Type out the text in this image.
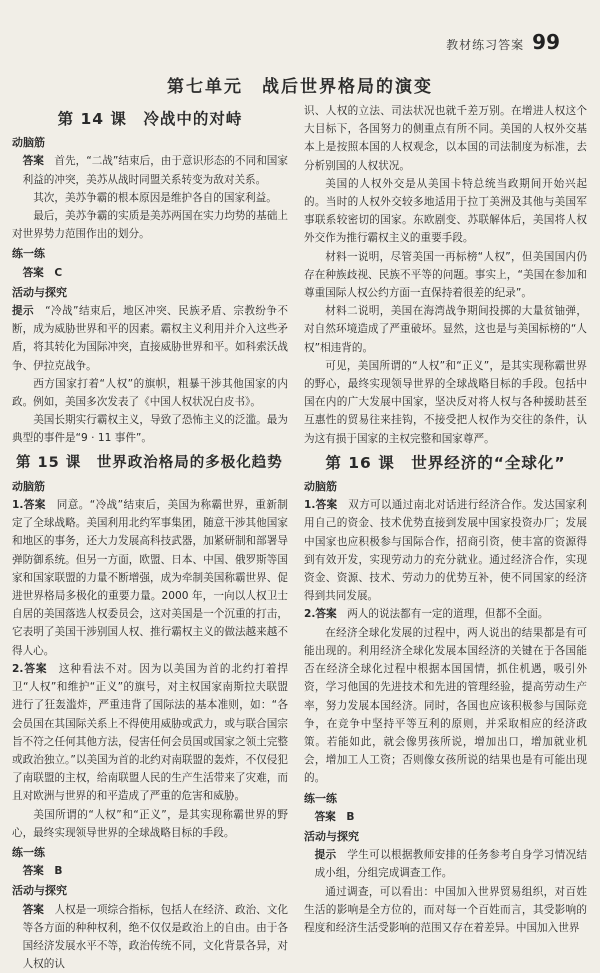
教材练习答案 99
第七单元　战后世界格局的演变
第 14 课　冷战中的对峙
动脑筋

答案　 首先，“二战”结束后，由于意识形态的不同和国家利益的冲突，美苏从战时同盟关系转变为敌对关系。

其次，美苏争霸的根本原因是维护各自的国家利益。

最后，美苏争霸的实质是美苏两国在实力均势的基础上对世界势力范围作出的划分。

练一练

答案　 C

活动与探究

提示　 “冷战”结束后，地区冲突、民族矛盾、宗教纷争不断，成为威胁世界和平的因素。霸权主义利用并介入这些矛盾，将其转化为国际冲突，直接威胁世界和平。如科索沃战争、伊拉克战争。

西方国家打着“人权”的旗帜，粗暴干涉其他国家的内政。例如，美国多次发表了《中国人权状况白皮书》。

美国长期实行霸权主义，导致了恐怖主义的泛滥。最为典型的事件是“9 · 11 事件”。

第 15 课　世界政治格局的多极化趋势
动脑筋

1.答案　 同意。“冷战”结束后，美国为称霸世界，重新制定了全球战略。美国利用北约军事集团，随意干涉其他国家和地区的事务，还大力发展高科技武器，加紧研制和部署导弹防御系统。但另一方面，欧盟、日本、中国、俄罗斯等国家和国家联盟的力量不断增强，成为牵制美国称霸世界、促进世界格局多极化的重要力量。2000 年，一向以人权卫士自居的美国落选人权委员会，这对美国是一个沉重的打击，它表明了美国干涉别国人权、推行霸权主义的做法越来越不得人心。

2.答案　 这种看法不对。因为以美国为首的北约打着捍卫“人权”和维护“正义”的旗号，对主权国家南斯拉夫联盟进行了狂轰滥炸，严重违背了国际法的基本准则，如：“各会员国在其国际关系上不得使用威胁或武力，或与联合国宗旨不符之任何其他方法，侵害任何会员国或国家之领土完整或政治独立。”以美国为首的北约对南联盟的轰炸，不仅侵犯了南联盟的主权，给南联盟人民的生产生活带来了灾难，而且对欧洲与世界的和平造成了严重的危害和威胁。

美国所谓的“人权”和“正义”，是其实现称霸世界的野心，最终实现领导世界的全球战略目标的手段。

练一练

答案　 B

活动与探究

答案　 人权是一项综合指标，包括人在经济、政治、文化等各方面的种种权利，绝不仅仅是政治上的自由。由于各国经济发展水平不等，政治传统不同，文化背景各异，对人权的认

识、人权的立法、司法状况也就千差万别。在增进人权这个大目标下，各国努力的侧重点有所不同。美国的人权外交基本上是按照本国的人权观念，以本国的司法制度为标准，去分析别国的人权状况。

美国的人权外交是从美国卡特总统当政期间开始兴起的。当时的人权外交较多地适用于拉丁美洲及其他与美国军事联系较密切的国家。东欧剧变、苏联解体后，美国将人权外交作为推行霸权主义的重要手段。

材料一说明，尽管美国一再标榜“人权”，但美国国内仍存在种族歧视、民族不平等的问题。事实上，“美国在参加和尊重国际人权公约方面一直保持着很差的纪录”。

材料二说明，美国在海湾战争期间投掷的大量贫铀弹，对自然环境造成了严重破坏。显然，这也是与美国标榜的“人权”相违背的。

可见，美国所谓的“人权”和“正义”，是其实现称霸世界的野心，最终实现领导世界的全球战略目标的手段。包括中国在内的广大发展中国家，坚决反对将人权与各种援助甚至互惠性的贸易往来挂钩，不接受把人权作为交往的条件，认为这有损于国家的主权完整和国家尊严。

第 16 课　世界经济的“全球化”
动脑筋

1.答案　 双方可以通过南北对话进行经济合作。发达国家利用自己的资金、技术优势直接到发展中国家投资办厂；发展中国家也应积极参与国际合作，招商引资，使丰富的资源得到有效开发，实现劳动力的充分就业。通过经济合作，实现资金、资源、技术、劳动力的优势互补，使不同国家的经济得到共同发展。

2.答案　 两人的说法都有一定的道理，但都不全面。

在经济全球化发展的过程中，两人说出的结果都是有可能出现的。利用经济全球化发展本国经济的关键在于各国能否在经济全球化过程中根据本国国情，抓住机遇，吸引外资，学习他国的先进技术和先进的管理经验，提高劳动生产率，努力发展本国经济。同时，各国也应该积极参与国际竞争，在竞争中坚持平等互利的原则，并采取相应的经济政策。若能如此，就会像男孩所说，增加出口，增加就业机会，增加工人工资；否则像女孩所说的结果也是有可能出现的。

练一练

答案　 B

活动与探究

提示　 学生可以根据教师安排的任务参考自身学习情况结成小组，分组完成调查工作。

通过调查，可以看出：中国加入世界贸易组织，对百姓生活的影响是全方位的，而对每一个百姓而言，其受影响的程度和经济生活受影响的范围又存在着差异。中国加入世界
